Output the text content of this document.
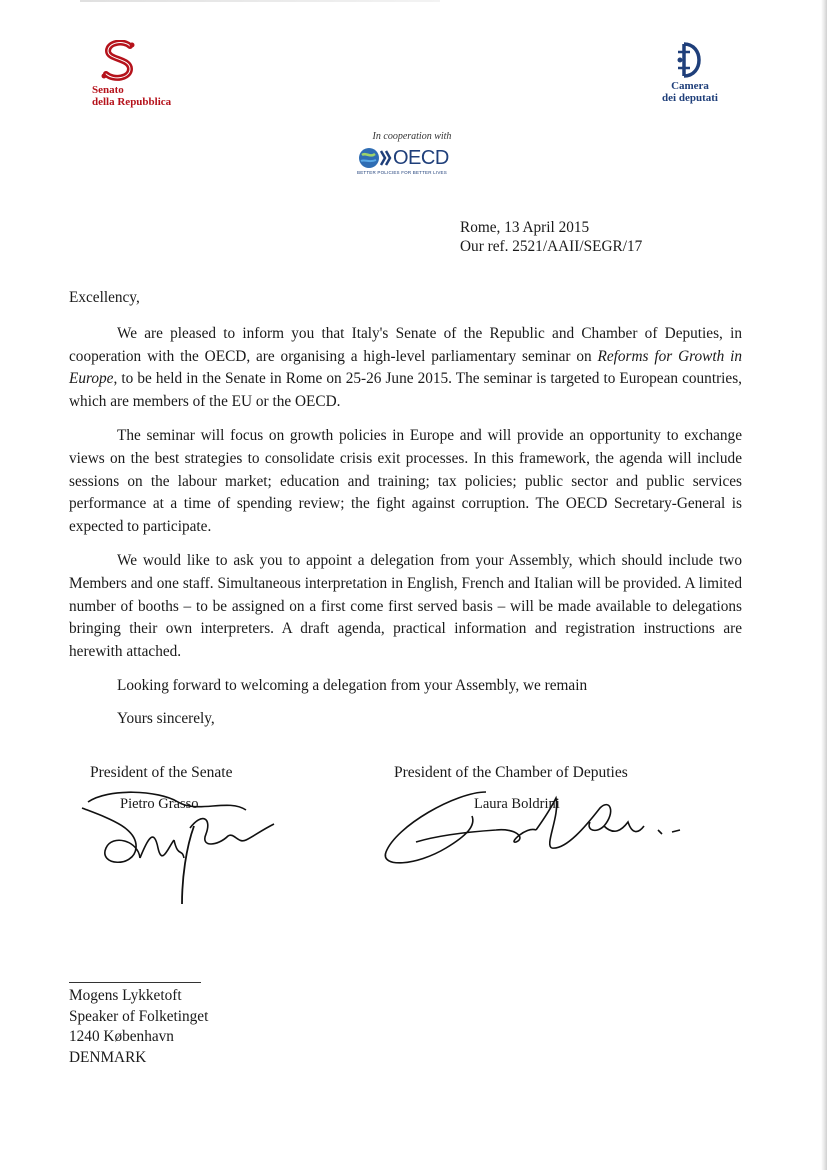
Senato
della Repubblica
Camera
dei deputati
In cooperation with
OECD
BETTER POLICIES FOR BETTER LIVES
Rome, 13 April 2015
Our ref. 2521/AAII/SEGR/17
Excellency,

We are pleased to inform you that Italy's Senate of the Republic and Chamber of Deputies, in cooperation with the OECD, are organising a high-level parliamentary seminar on Reforms for Growth in Europe, to be held in the Senate in Rome on 25-26 June 2015. The seminar is targeted to European countries, which are members of the EU or the OECD.

The seminar will focus on growth policies in Europe and will provide an opportunity to exchange views on the best strategies to consolidate crisis exit processes. In this framework, the agenda will include sessions on the labour market; education and training; tax policies; public sector and public services performance at a time of spending review; the fight against corruption. The OECD Secretary-General is expected to participate.

We would like to ask you to appoint a delegation from your Assembly, which should include two Members and one staff. Simultaneous interpretation in English, French and Italian will be provided. A limited number of booths – to be assigned on a first come first served basis – will be made available to delegations bringing their own interpreters. A draft agenda, practical information and registration instructions are herewith attached.

Looking forward to welcoming a delegation from your Assembly, we remain

Yours sincerely,

President of the Senate
Pietro Grasso
President of the Chamber of Deputies
Laura Boldrini
Mogens Lykketoft
Speaker of Folketinget
1240 København
DENMARK
